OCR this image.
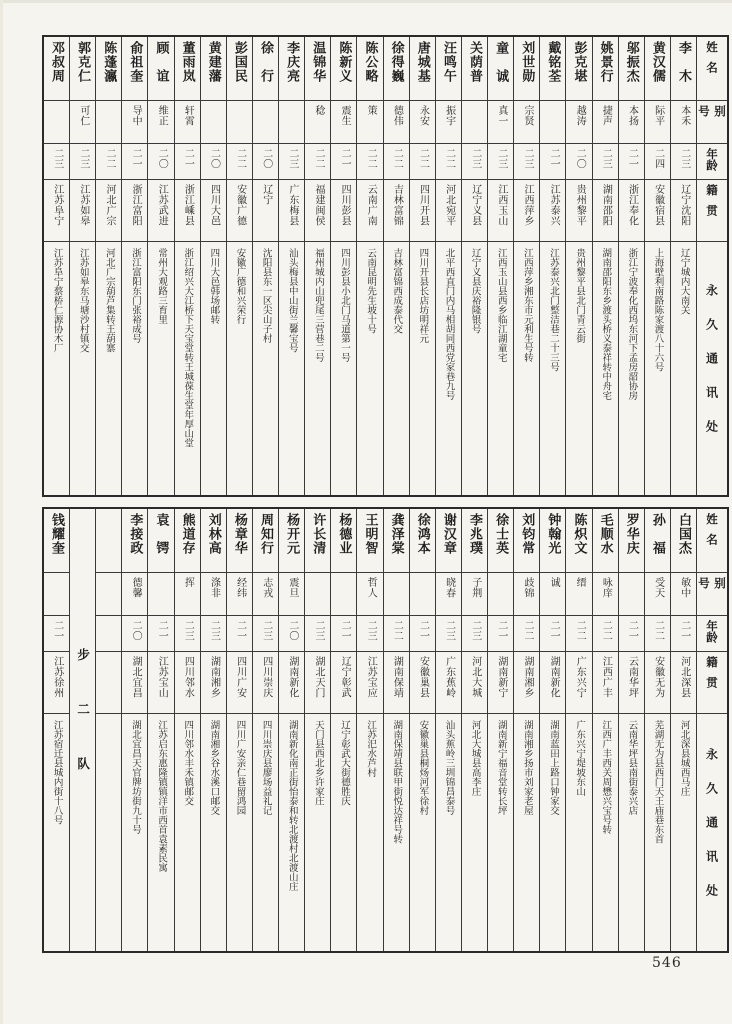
姓名
别号
年龄
籍贯
永久通讯处
李木
本禾
二三
辽宁沈阳
辽宁城内大南关
黄汉儒
际平
二四
安徽宿县
上海壁利南路陈家渡八十六号
邬振杰
本扬
二一
浙江奉化
浙江宁波奉化西坞东河下孟房韶协房
姚景行
捷声
二三
湖南邵阳
湖南邵阳东乡渡头桥义泰祥转中舟宅
彭克堪
越涛
二〇
贵州黎平
贵州黎平县北门青云街
戴铭荃
二一
江苏泰兴
江苏泰兴北门整洁巷二十三号
刘世勋
宗贤
二三
江西萍乡
江西萍乡湘东市元利生号转
童诚
真一
二三
江西玉山
江西玉山县西乡临江湖童宅
关荫普
二三
辽宁义县
辽宁义县庆裕隆银号
汪鸣午
振宇
二二
河北宛平
北平西直门内马相胡同西党家巷九号
唐城基
永安
二二
四川开县
四川开县长店坊明祥元
徐得巍
德伟
二二
吉林富锦
吉林富锦西成泰代交
陈公略
策
二二
云南广南
云南昆明先生坡十号
陈新义
震生
二一
四川彭县
四川彭县小北门马道第一号
温锦华
稔
二二
福建闽侯
福州城内山兜尾三营巷二号
李庆亮
二三
广东梅县
汕头梅县中山街兰馨宝号
徐行
二〇
辽宁
沈阳县东一区尖山子村
彭国民
二二
安徽广德
安徽广德和兴荣行
黄建藩
二〇
四川大邑
四川大邑韩场邮转
董雨岚
轩霄
二一
浙江嵊县
浙江绍兴大江桥下天宝堂转王城葆生堂年厚山堂
顾谊
维正
二〇
江苏武进
常州大观路三育里
俞祖奎
导中
二一
浙江富阳
浙江富阳东门张裕成号
陈蓬瀛
二二
河北广宗
河北广宗葫芦集转王葫寨
郭克仁
可仁
二三
江苏如皋
江苏如皋东马塘沙村镇交
邓叔周
二三
江苏阜宁
江苏阜宁蔡桥仁源协木厂
姓名
别号
年龄
籍贯
永久通讯处
白国杰
敏中
二一
河北深县
河北深县城西马庄
孙福
受天
二二
安徽无为
芜湖无为县西门天王庙巷东首
罗华庆
二一
云南华坪
云南华坪县南街泰兴店
毛顺水
咏庠
二二
江西广丰
江西广丰西关周懋兴宝号转
陈炽文
缙
二二
广东兴宁
广东兴宁堤坡东山
钟翰光
诚
二一
湖南新化
湖南蓝田上路口钟家交
刘钧常
歧锦
二二
湖南湘乡
湖南湘乡扬市刘家老屋
徐士英
二一
湖南新宁
湖南新宁福音堂转长坪
李兆璞
子荆
二三
河北大城
河北大城县高李庄
谢汉章
晓春
二三
广东蕉岭
汕头蕉岭三圳锦昌泰号
徐鸿本
二一
安徽巢县
安徽巢县桐炀河军徐村
龚泽棠
二二
湖南保靖
湖南保靖县联甲街悦达祥号转
王明智
哲人
二三
江苏宝应
江苏汜水芦村
杨德业
二一
辽宁彰武
辽宁彰武大街德胜庆
许长清
二三
湖北天门
天门县西北乡许家庄
杨开元
震旦
二〇
湖南新化
湖南新化南正街怡泰和转北渡村北渡山庄
周知行
志戎
二三
四川崇庆
四川崇庆县廖场益礼记
杨章华
经纬
二一
四川广安
四川广安亲仁巷留鸿园
刘林高
涤非
二三
湖南湘乡
湖南湘乡谷水溪口邮交
熊道存
挥
二三
四川邻水
四川邻水丰禾镇邮交
袁锷
二一
江苏宝山
江苏启东惠隆镇镇洋市西首袁素民寓
李接政
德馨
二〇
湖北宜昌
湖北宜昌天官牌坊街九十号
步二队
钱耀奎
二一
江苏徐州
江苏宿迁县城内街十八号
546
